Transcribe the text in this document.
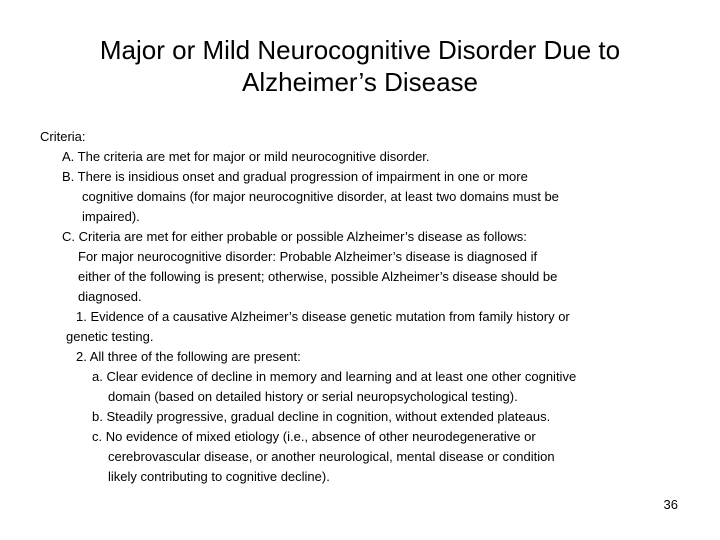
Major or Mild Neurocognitive Disorder Due to Alzheimer’s Disease
Criteria:
A. The criteria are met for major or mild neurocognitive disorder.
B. There is insidious onset and gradual progression of impairment in one or more
cognitive domains (for major neurocognitive disorder, at least two domains must be
impaired).
C. Criteria are met for either probable or possible Alzheimer’s disease as follows:
For major neurocognitive disorder: Probable Alzheimer’s disease is diagnosed if
either of the following is present; otherwise, possible Alzheimer’s disease should be
diagnosed.
1. Evidence of a causative Alzheimer’s disease genetic mutation from family history or
genetic testing.
2. All three of the following are present:
a. Clear evidence of decline in memory and learning and at least one other cognitive
domain (based on detailed history or serial neuropsychological testing).
b. Steadily progressive, gradual decline in cognition, without extended plateaus.
c. No evidence of mixed etiology (i.e., absence of other neurodegenerative or
cerebrovascular disease, or another neurological, mental disease or condition
likely contributing to cognitive decline).
36
